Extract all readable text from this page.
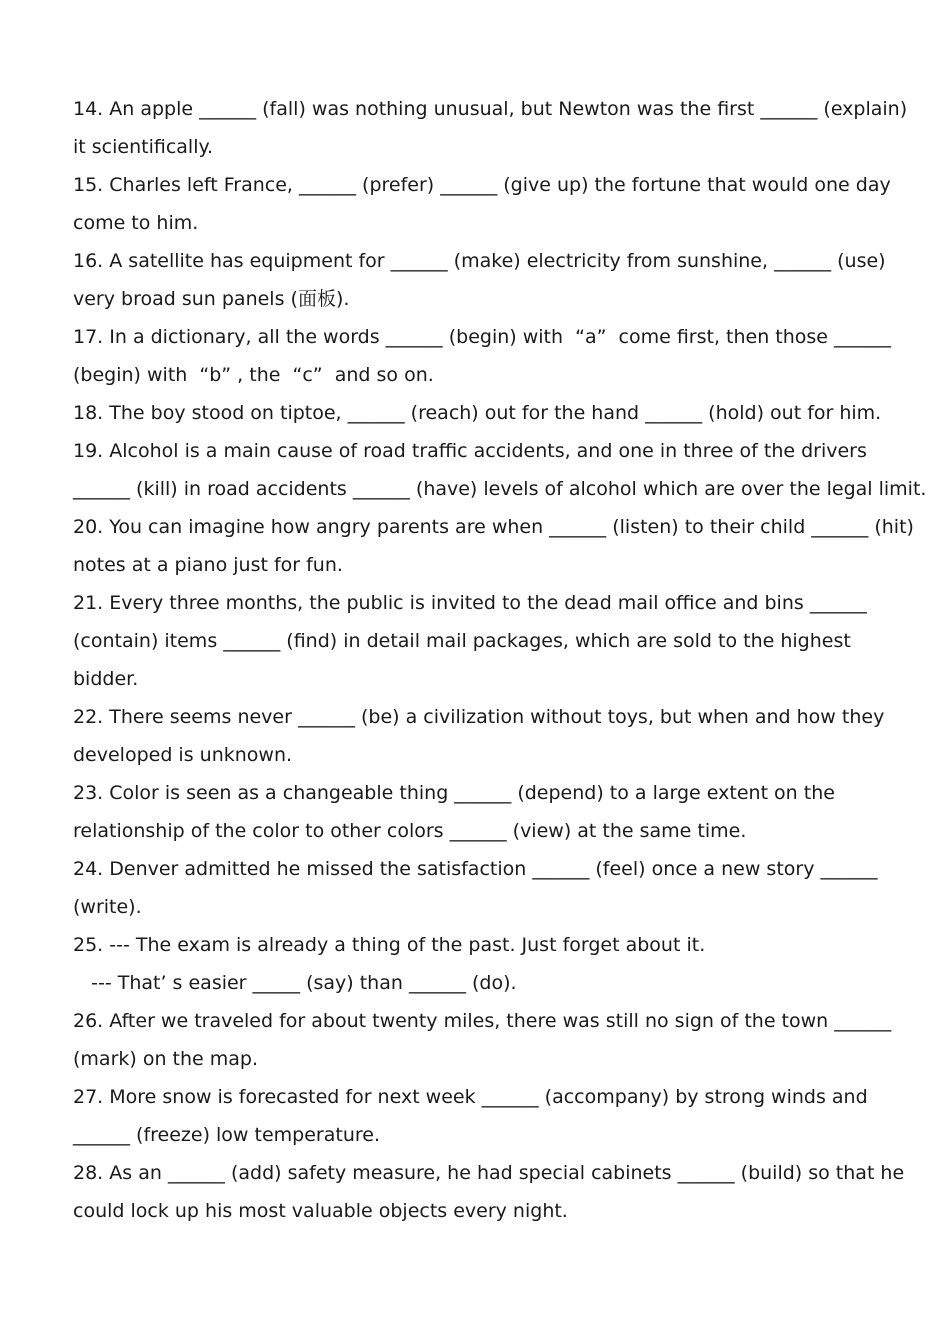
14. An apple ______ (fall) was nothing unusual, but Newton was the first ______ (explain)
it scientifically.
15. Charles left France, ______ (prefer) ______ (give up) the fortune that would one day
come to him.
16. A satellite has equipment for ______ (make) electricity from sunshine, ______ (use)
very broad sun panels (面板).
17. In a dictionary, all the words ______ (begin) with  “a”  come first, then those ______
(begin) with  “b” , the  “c”  and so on.
18. The boy stood on tiptoe, ______ (reach) out for the hand ______ (hold) out for him.
19. Alcohol is a main cause of road traffic accidents, and one in three of the drivers
______ (kill) in road accidents ______ (have) levels of alcohol which are over the legal limit.
20. You can imagine how angry parents are when ______ (listen) to their child ______ (hit)
notes at a piano just for fun.
21. Every three months, the public is invited to the dead mail office and bins ______
(contain) items ______ (find) in detail mail packages, which are sold to the highest
bidder.
22. There seems never ______ (be) a civilization without toys, but when and how they
developed is unknown.
23. Color is seen as a changeable thing ______ (depend) to a large extent on the
relationship of the color to other colors ______ (view) at the same time.
24. Denver admitted he missed the satisfaction ______ (feel) once a new story ______
(write).
25. --- The exam is already a thing of the past. Just forget about it.
--- That’ s easier _____ (say) than ______ (do).
26. After we traveled for about twenty miles, there was still no sign of the town ______
(mark) on the map.
27. More snow is forecasted for next week ______ (accompany) by strong winds and
______ (freeze) low temperature.
28. As an ______ (add) safety measure, he had special cabinets ______ (build) so that he
could lock up his most valuable objects every night.
